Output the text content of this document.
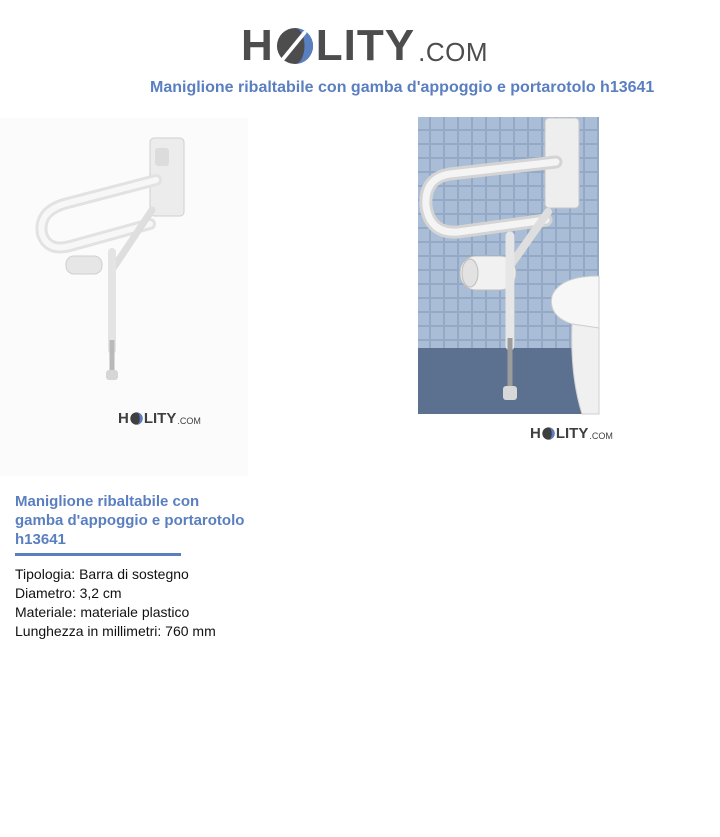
H LITY .COM
Maniglione ribaltabile con gamba d'appoggio e portarotolo h13641
H LITY .COM
H LITY .COM
Maniglione ribaltabile con gamba d'appoggio e portarotolo h13641
Tipologia: Barra di sostegno
Diametro: 3,2 cm
Materiale: materiale plastico
Lunghezza in millimetri: 760 mm
